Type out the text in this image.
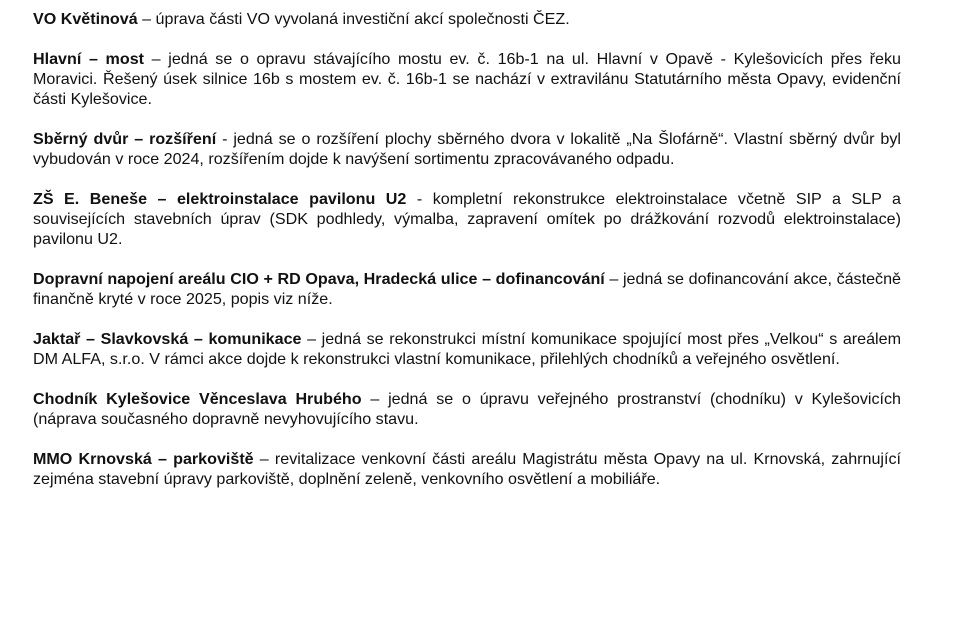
VO Květinová – úprava části VO vyvolaná investiční akcí společnosti ČEZ.

Hlavní – most – jedná se o opravu stávajícího mostu ev. č. 16b-1 na ul. Hlavní v Opavě - Kylešovicích přes řeku Moravici. Řešený úsek silnice 16b s mostem ev. č. 16b-1 se nachází v extravilánu Statutárního města Opavy, evidenční části Kylešovice.

Sběrný dvůr – rozšíření - jedná se o rozšíření plochy sběrného dvora v lokalitě „Na Šlofárně“. Vlastní sběrný dvůr byl vybudován v roce 2024, rozšířením dojde k navýšení sortimentu zpracovávaného odpadu.

ZŠ E. Beneše – elektroinstalace pavilonu U2 - kompletní rekonstrukce elektroinstalace včetně SIP a SLP a souvisejících stavebních úprav (SDK podhledy, výmalba, zapravení omítek po drážkování rozvodů elektroinstalace) pavilonu U2.

Dopravní napojení areálu CIO + RD Opava, Hradecká ulice – dofinancování – jedná se dofinancování akce, částečně finančně kryté v roce 2025, popis viz níže.

Jaktař – Slavkovská – komunikace – jedná se rekonstrukci místní komunikace spojující most přes „Velkou“ s areálem DM ALFA, s.r.o. V rámci akce dojde k rekonstrukci vlastní komunikace, přilehlých chodníků a veřejného osvětlení.

Chodník Kylešovice Věnceslava Hrubého – jedná se o úpravu veřejného prostranství (chodníku) v Kylešovicích (náprava současného dopravně nevyhovujícího stavu.

MMO Krnovská – parkoviště – revitalizace venkovní části areálu Magistrátu města Opavy na ul. Krnovská, zahrnující zejména stavební úpravy parkoviště, doplnění zeleně, venkovního osvětlení a mobiliáře.
